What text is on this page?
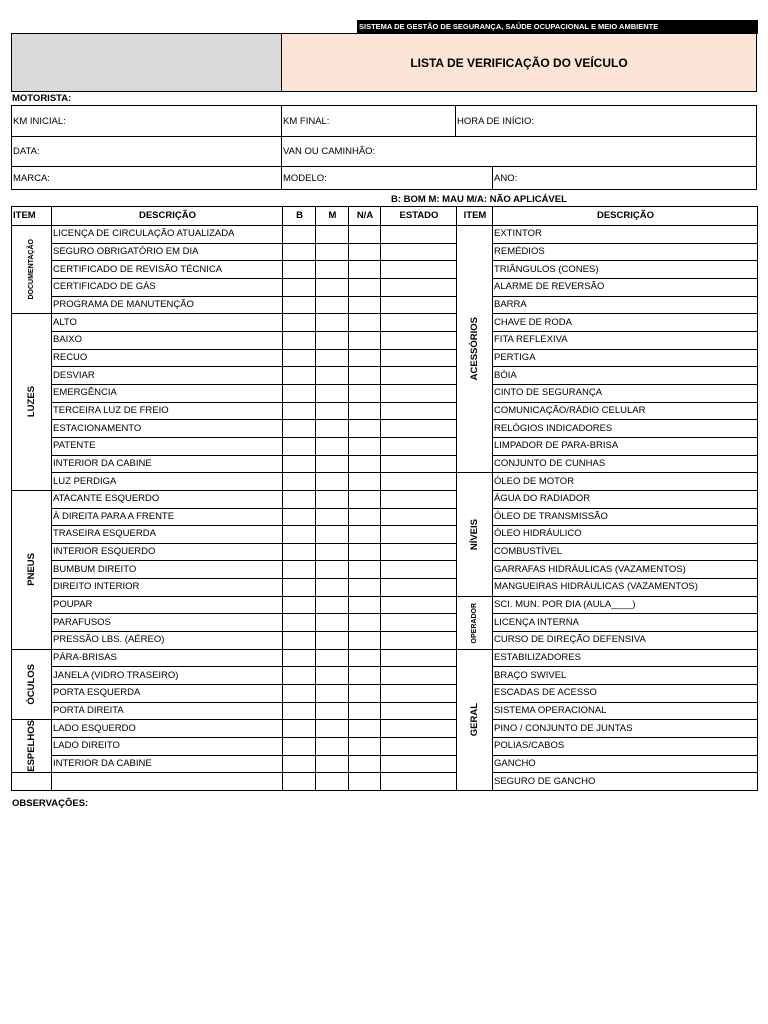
SISTEMA DE GESTÃO DE SEGURANÇA, SAÚDE OCUPACIONAL E MEIO AMBIENTE
LISTA DE VERIFICAÇÃO DO VEÍCULO
MOTORISTA:
KM INICIAL:	KM FINAL:	HORA DE INÍCIO:
DATA:	VAN OU CAMINHÃO:
MARCA:	MODELO:	ANO:
B: BOM M: MAU M/A: NÃO APLICÁVEL
ITEM	DESCRIÇÃO	B	M	N/A	ESTADO	ITEM	DESCRIÇÃO

DOCUMENTAÇÃO	LICENÇA DE CIRCULAÇÃO ATUALIZADA					ACESSÓRIOS	EXTINTOR
	SEGURO OBRIGATÓRIO EM DIA						REMÉDIOS
	CERTIFICADO DE REVISÃO TÉCNICA						TRIÂNGULOS (CONES)
	CERTIFICADO DE GÁS						ALARME DE REVERSÃO
	PROGRAMA DE MANUTENÇÃO						BARRA

LUZES	ALTO						CHAVE DE RODA
	BAIXO						FITA REFLEXIVA
	RECUO						PERTIGA
	DESVIAR						BÓIA
	EMERGÊNCIA						CINTO DE SEGURANÇA
	TERCEIRA LUZ DE FREIO						COMUNICAÇÃO/RÁDIO CELULAR
	ESTACIONAMENTO						RELÓGIOS INDICADORES
	PATENTE						LIMPADOR DE PARA-BRISA
	INTERIOR DA CABINE						CONJUNTO DE CUNHAS
	LUZ PERDIGA					NÍVEIS	ÓLEO DE MOTOR

PNEUS	ATACANTE ESQUERDO						ÁGUA DO RADIADOR
	À DIREITA PARA A FRENTE						ÓLEO DE TRANSMISSÃO
	TRASEIRA ESQUERDA						ÓLEO HIDRÁULICO
	INTERIOR ESQUERDO						COMBUSTÍVEL
	BUMBUM DIREITO						GARRAFAS HIDRÁULICAS (VAZAMENTOS)
	DIREITO INTERIOR						MANGUEIRAS HIDRÁULICAS (VAZAMENTOS)
	POUPAR					OPERADOR	SCI. MUN. POR DIA (AULA____)
	PARAFUSOS						LICENÇA INTERNA
	PRESSÃO LBS. (AÉREO)						CURSO DE DIREÇÃO DEFENSIVA

ÓCULOS	PÁRA-BRISAS					GERAL	ESTABILIZADORES
	JANELA (VIDRO TRASEIRO)						BRAÇO SWIVEL
	PORTA ESQUERDA						ESCADAS DE ACESSO
	PORTA DIREITA						SISTEMA OPERACIONAL

ESPELHOS	LADO ESQUERDO						PINO / CONJUNTO DE JUNTAS
	LADO DIREITO						POLIAS/CABOS
	INTERIOR DA CABINE						GANCHO
							SEGURO DE GANCHO
OBSERVAÇÕES:
